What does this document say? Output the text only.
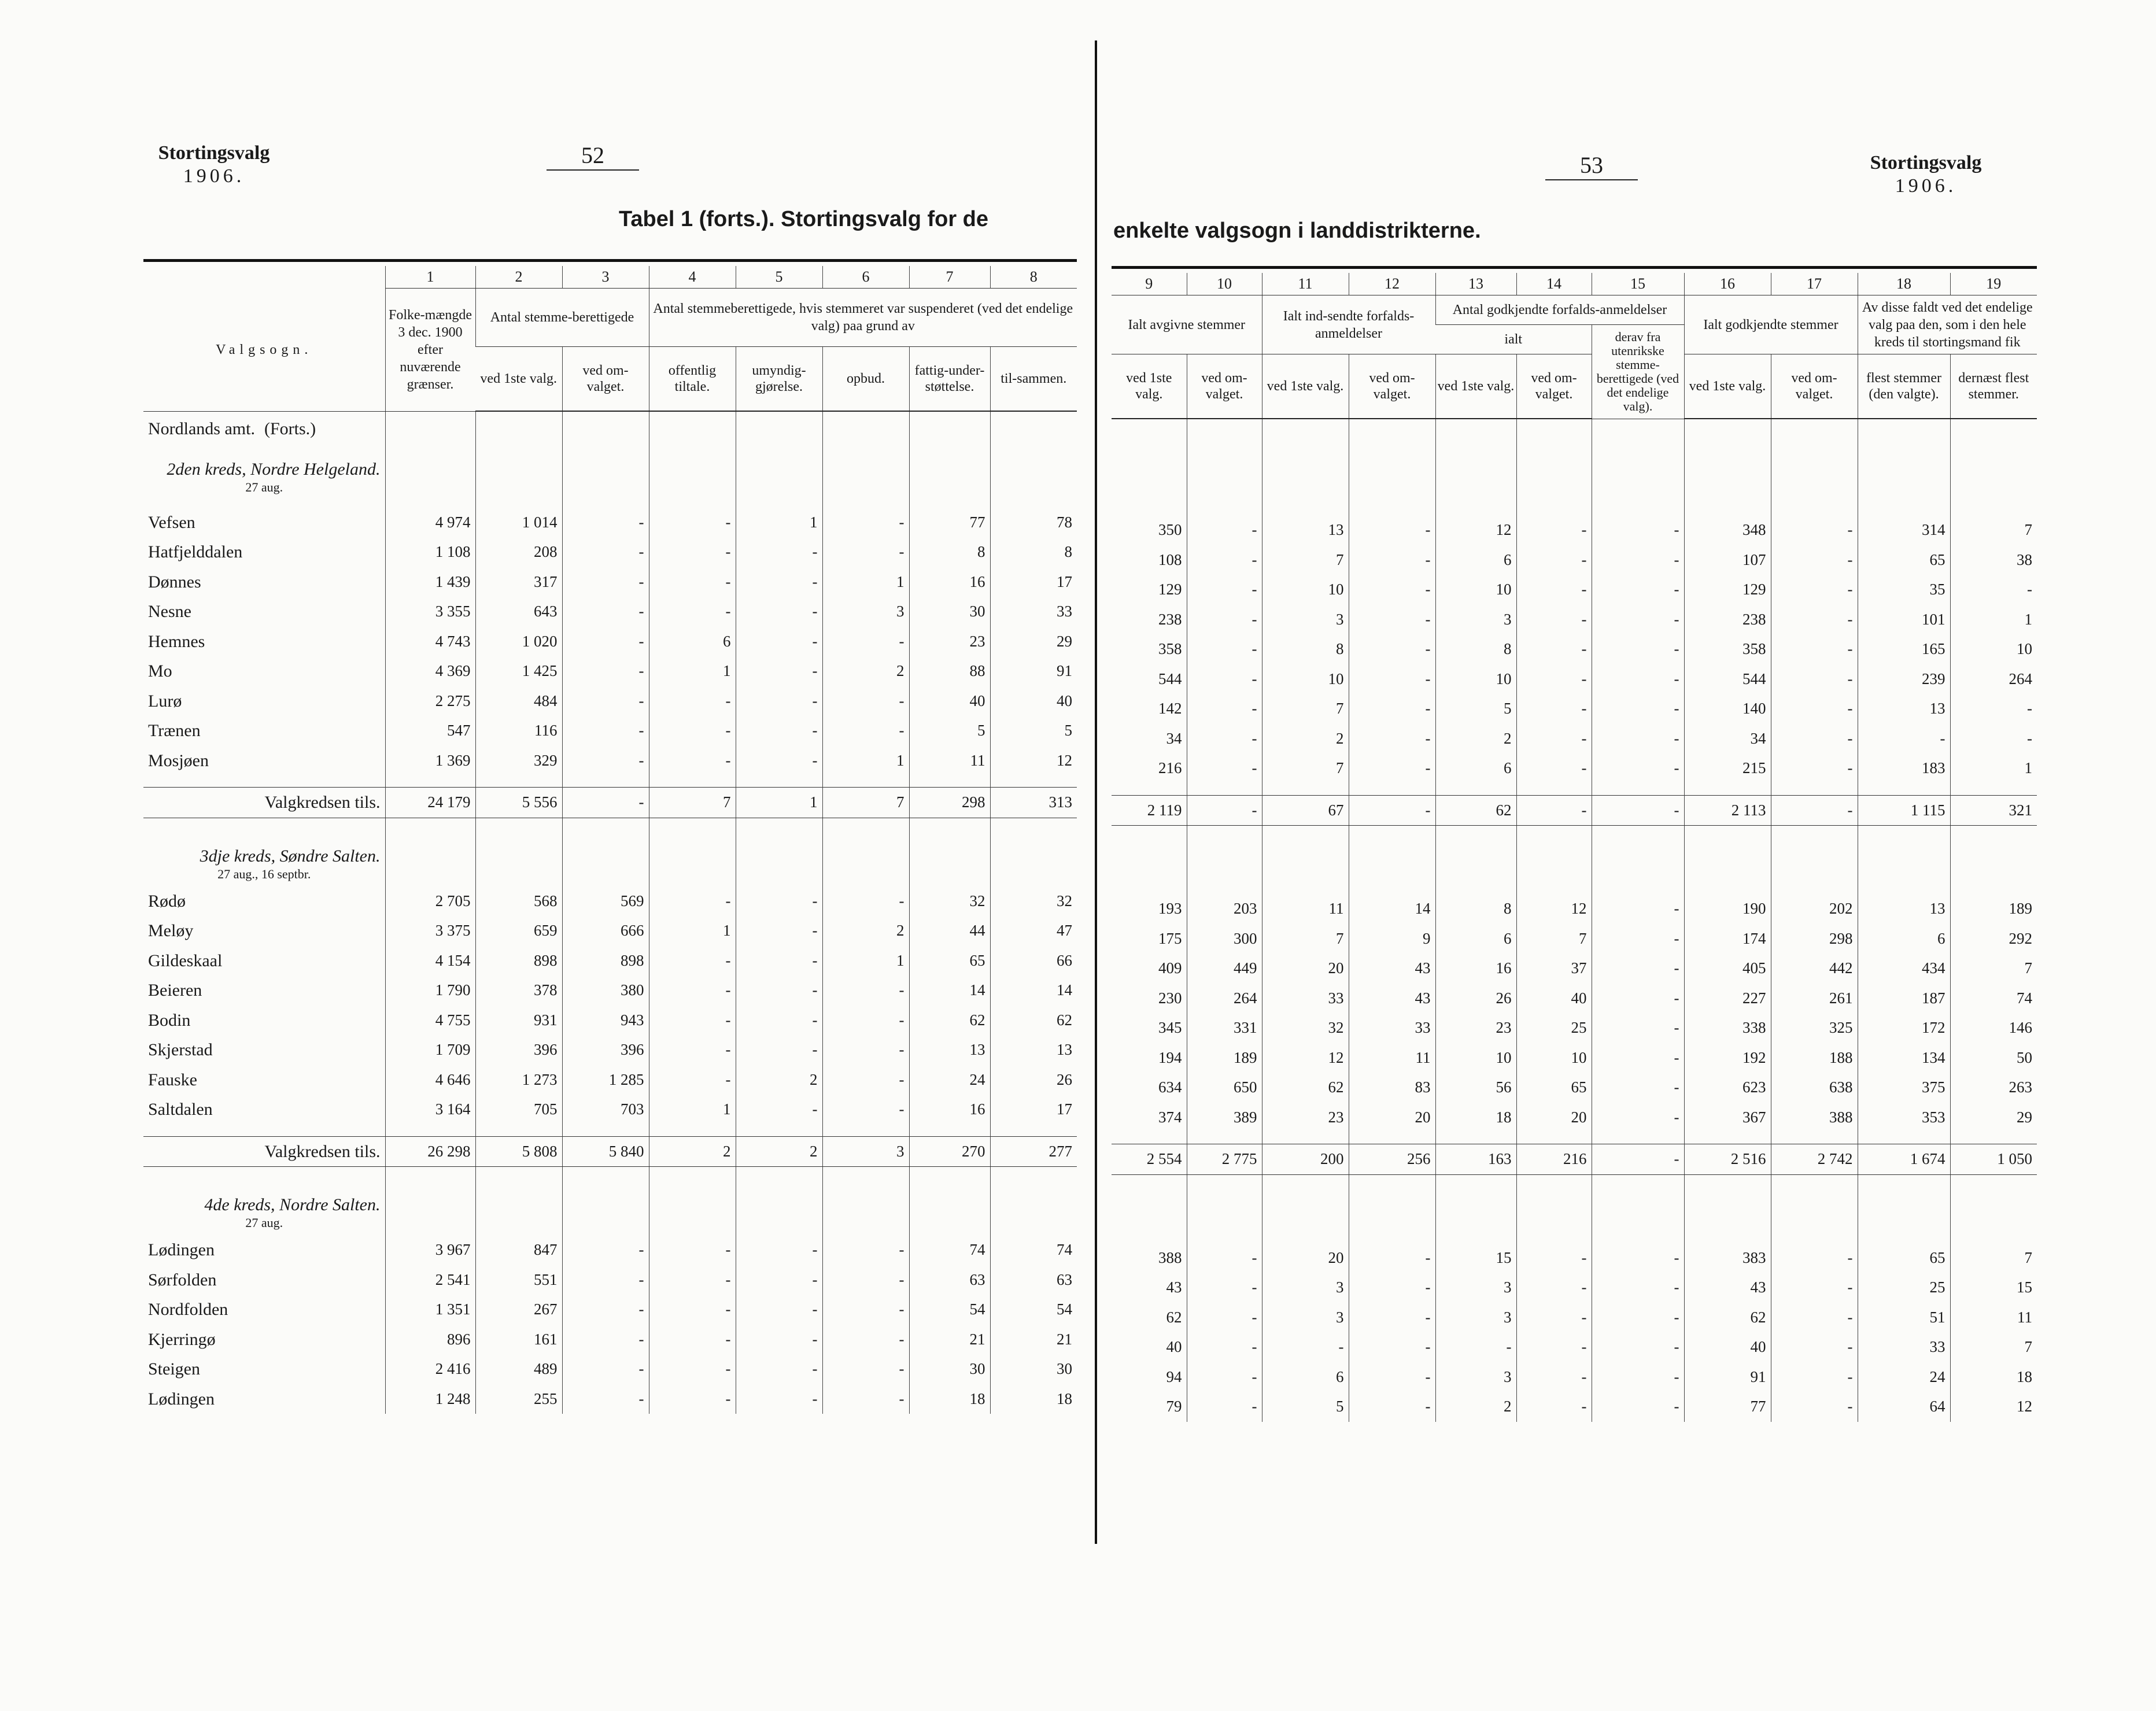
Stortingsvalg
1906.
52
Tabel 1 (forts.). Stortingsvalg for de
53	Stortingsvalg
1906.
enkelte valgsogn i landdistrikterne.
	1	2	3	4	5	6	7	8
Valgsogn.	Folke-mængde 3 dec. 1900 efter nuværende grænser.	Antal stemme-berettigede		Antal stemmeberettigede, hvis stemmeret var suspenderet (ved det endelige valg) paa grund av				
		ved 1ste valg.	ved om-valget.	offentlig tiltale.	umyndig-gjørelse.	opbud.	fattig-under-støttelse.	til-sammen.
Nordlands amt. (Forts.)								

2den kreds, Nordre Helgeland.
27 aug.								

Vefsen	4 974	1 014	-	-	1	-	77	78
Hatfjelddalen	1 108	208	-	-	-	-	8	8
Dønnes	1 439	317	-	-	-	1	16	17
Nesne	3 355	643	-	-	-	3	30	33
Hemnes	4 743	1 020	-	6	-	-	23	29
Mo	4 369	1 425	-	1	-	2	88	91
Lurø	2 275	484	-	-	-	-	40	40
Trænen	547	116	-	-	-	-	5	5
Mosjøen	1 369	329	-	-	-	1	11	12

Valgkredsen tils.	24 179	5 556	-	7	1	7	298	313

3dje kreds, Søndre Salten.
27 aug., 16 septbr.								

Rødø	2 705	568	569	-	-	-	32	32
Meløy	3 375	659	666	1	-	2	44	47
Gildeskaal	4 154	898	898	-	-	1	65	66
Beieren	1 790	378	380	-	-	-	14	14
Bodin	4 755	931	943	-	-	-	62	62
Skjerstad	1 709	396	396	-	-	-	13	13
Fauske	4 646	1 273	1 285	-	2	-	24	26
Saltdalen	3 164	705	703	1	-	-	16	17

Valgkredsen tils.	26 298	5 808	5 840	2	2	3	270	277

4de kreds, Nordre Salten.
27 aug.								

Lødingen	3 967	847	-	-	-	-	74	74
Sørfolden	2 541	551	-	-	-	-	63	63
Nordfolden	1 351	267	-	-	-	-	54	54
Kjerringø	896	161	-	-	-	-	21	21
Steigen	2 416	489	-	-	-	-	30	30
Lødingen	1 248	255	-	-	-	-	18	18
9	10	11	12	13	14	15	16	17	18	19
Ialt avgivne stemmer		Ialt ind-sendte forfalds-anmeldelser		Antal godkjendte forfalds-anmeldelser			Ialt godkjendte stemmer		Av disse faldt ved det endelige valg paa den, som i den hele kreds til stortingsmand fik	
				ialt		derav fra utenrikske stemme-berettigede (ved det endelige valg).				
ved 1ste valg.	ved om-valget.	ved 1ste valg.	ved om-valget.	ved 1ste valg.	ved om-valget.		ved 1ste valg.	ved om-valget.	flest stemmer (den valgte).	dernæst flest stemmer.

350	-	13	-	12	-	-	348	-	314	7
108	-	7	-	6	-	-	107	-	65	38
129	-	10	-	10	-	-	129	-	35	-
238	-	3	-	3	-	-	238	-	101	1
358	-	8	-	8	-	-	358	-	165	10
544	-	10	-	10	-	-	544	-	239	264
142	-	7	-	5	-	-	140	-	13	-
34	-	2	-	2	-	-	34	-	-	-
216	-	7	-	6	-	-	215	-	183	1

2 119	-	67	-	62	-	-	2 113	-	1 115	321

193	203	11	14	8	12	-	190	202	13	189
175	300	7	9	6	7	-	174	298	6	292
409	449	20	43	16	37	-	405	442	434	7
230	264	33	43	26	40	-	227	261	187	74
345	331	32	33	23	25	-	338	325	172	146
194	189	12	11	10	10	-	192	188	134	50
634	650	62	83	56	65	-	623	638	375	263
374	389	23	20	18	20	-	367	388	353	29

2 554	2 775	200	256	163	216	-	2 516	2 742	1 674	1 050

388	-	20	-	15	-	-	383	-	65	7
43	-	3	-	3	-	-	43	-	25	15
62	-	3	-	3	-	-	62	-	51	11
40	-	-	-	-	-	-	40	-	33	7
94	-	6	-	3	-	-	91	-	24	18
79	-	5	-	2	-	-	77	-	64	12
